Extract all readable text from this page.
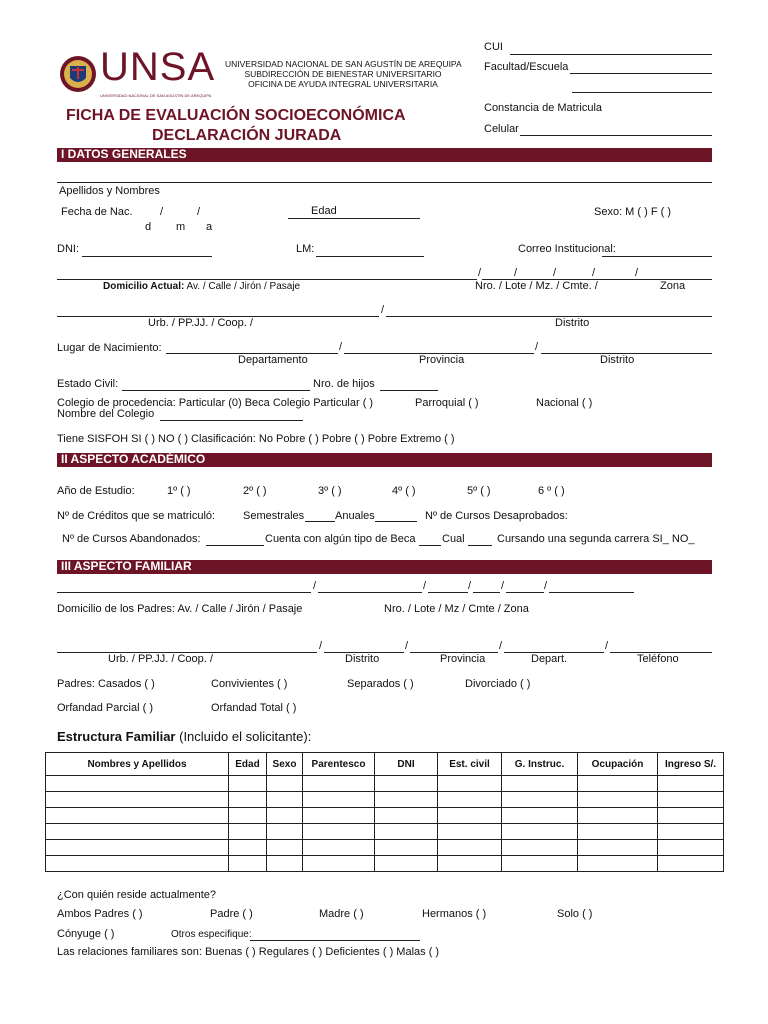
UNSA
UNIVERSIDAD NACIONAL DE SAN AGUSTÍN DE AREQUIPA
UNIVERSIDAD NACIONAL DE SAN AGUSTÍN DE AREQUIPA
SUBDIRECCIÓN DE BIENESTAR UNIVERSITARIO
OFICINA DE AYUDA INTEGRAL UNIVERSITARIA
FICHA DE EVALUACIÓN SOCIOECONÓMICA
DECLARACIÓN JURADA
CUI
Facultad/Escuela
Constancia de Matricula
Celular
I DATOS GENERALES
Apellidos y Nombres
Fecha de Nac. /	/
d m a
Edad	Sexo: M ( ) F ( )
DNI:	LM:	Correo Institucional:
/	/	/	/	/
Domicilio Actual: Av. / Calle / Jirón / Pasaje	Nro. / Lote / Mz. / Cmte. /	Zona
/
Urb. / PP.JJ. / Coop. /	Distrito
Lugar de Nacimiento:	/	/
Departamento	Provincia	Distrito
Estado Civil:	Nro. de hijos
Colegio de procedencia: Particular (0) Beca Colegio Particular ( )	Parroquial ( )	Nacional ( )
Nombre del Colegio
Tiene SISFOH SI ( ) NO ( ) Clasificación: No Pobre ( ) Pobre ( ) Pobre Extremo ( )
II ASPECTO ACADÉMICO
Año de Estudio:	1º ( )	2º ( )	3º ( )	4º ( )	5º ( )	6 º ( )
Nº de Créditos que se matriculó:	Semestrales	Anuales	Nº de Cursos Desaprobados:
Nº de Cursos Abandonados:	Cuenta con algún tipo de Beca Cual	Cursando una segunda carrera SI_ NO_
III ASPECTO FAMILIAR
/	/	/	/	/
Domicilio de los Padres: Av. / Calle / Jirón / Pasaje	Nro. / Lote / Mz / Cmte / Zona
/	/	/	/
Urb. / PP.JJ. / Coop. /	Distrito	Provincia	Depart.	Teléfono
Padres: Casados ( )	Convivientes ( )	Separados ( )	Divorciado ( )
Orfandad Parcial ( )	Orfandad Total ( )
Estructura Familiar (Incluido el solicitante):
Nombres y Apellidos	Edad	Sexo	Parentesco	DNI	Est. civil	G. Instruc.	Ocupación	Ingreso S/.

¿Con quién reside actualmente?
Ambos Padres ( )	Padre ( )	Madre ( )	Hermanos ( )	Solo ( )
Cónyuge ( )	Otros especifique:
Las relaciones familiares son: Buenas ( ) Regulares ( ) Deficientes ( ) Malas ( )
